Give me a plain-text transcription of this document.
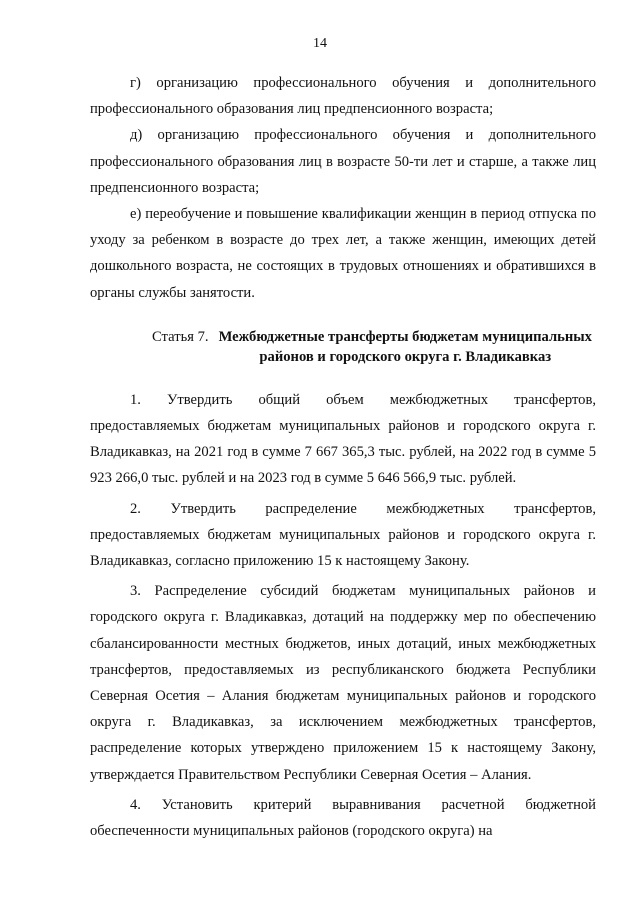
14

г) организацию профессионального обучения и дополнительного профессионального образования лиц предпенсионного возраста;

д) организацию профессионального обучения и дополнительного профессионального образования лиц в возрасте 50-ти лет и старше, а также лиц предпенсионного возраста;

е) переобучение и повышение квалификации женщин в период отпуска по уходу за ребенком в возрасте до трех лет, а также женщин, имеющих детей дошкольного возраста, не состоящих в трудовых отношениях и обратившихся в органы службы занятости.

Статья 7. Межбюджетные трансферты бюджетам муниципальных районов и городского округа г. Владикавказ

1. Утвердить общий объем межбюджетных трансфертов, предоставляемых бюджетам муниципальных районов и городского округа г. Владикавказ, на 2021 год в сумме 7 667 365,3 тыс. рублей, на 2022 год в сумме 5 923 266,0 тыс. рублей и на 2023 год в сумме 5 646 566,9 тыс. рублей.

2. Утвердить распределение межбюджетных трансфертов, предоставляемых бюджетам муниципальных районов и городского округа г. Владикавказ, согласно приложению 15 к настоящему Закону.

3. Распределение субсидий бюджетам муниципальных районов и городского округа г. Владикавказ, дотаций на поддержку мер по обеспечению сбалансированности местных бюджетов, иных дотаций, иных межбюджетных трансфертов, предоставляемых из республиканского бюджета Республики Северная Осетия – Алания бюджетам муниципальных районов и городского округа г. Владикавказ, за исключением межбюджетных трансфертов, распределение которых утверждено приложением 15 к настоящему Закону, утверждается Правительством Республики Северная Осетия – Алания.

4. Установить критерий выравнивания расчетной бюджетной обеспеченности муниципальных районов (городского округа) на
